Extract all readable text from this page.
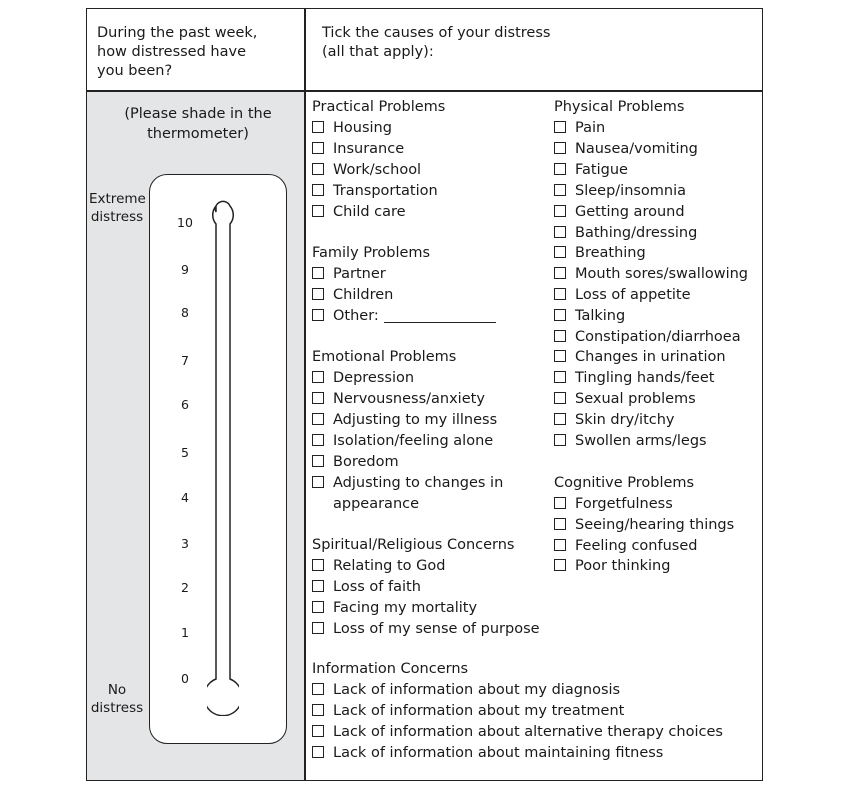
During the past week,
how distressed have
you been?
Tick the causes of your distress
(all that apply):
(Please shade in the
thermometer)
Extreme
distress
No
distress
10
9
8
7
6
5
4
3
2
1
0
Practical Problems
Housing
Insurance
Work/school
Transportation
Child care
Family Problems
Partner
Children
Other:
Emotional Problems
Depression
Nervousness/anxiety
Adjusting to my illness
Isolation/feeling alone
Boredom
Adjusting to changes in
appearance
Spiritual/Religious Concerns
Relating to God
Loss of faith
Facing my mortality
Loss of my sense of purpose
Information Concerns
Lack of information about my diagnosis
Lack of information about my treatment
Lack of information about alternative therapy choices
Lack of information about maintaining fitness
Physical Problems
Pain
Nausea/vomiting
Fatigue
Sleep/insomnia
Getting around
Bathing/dressing
Breathing
Mouth sores/swallowing
Loss of appetite
Talking
Constipation/diarrhoea
Changes in urination
Tingling hands/feet
Sexual problems
Skin dry/itchy
Swollen arms/legs
Cognitive Problems
Forgetfulness
Seeing/hearing things
Feeling confused
Poor thinking
